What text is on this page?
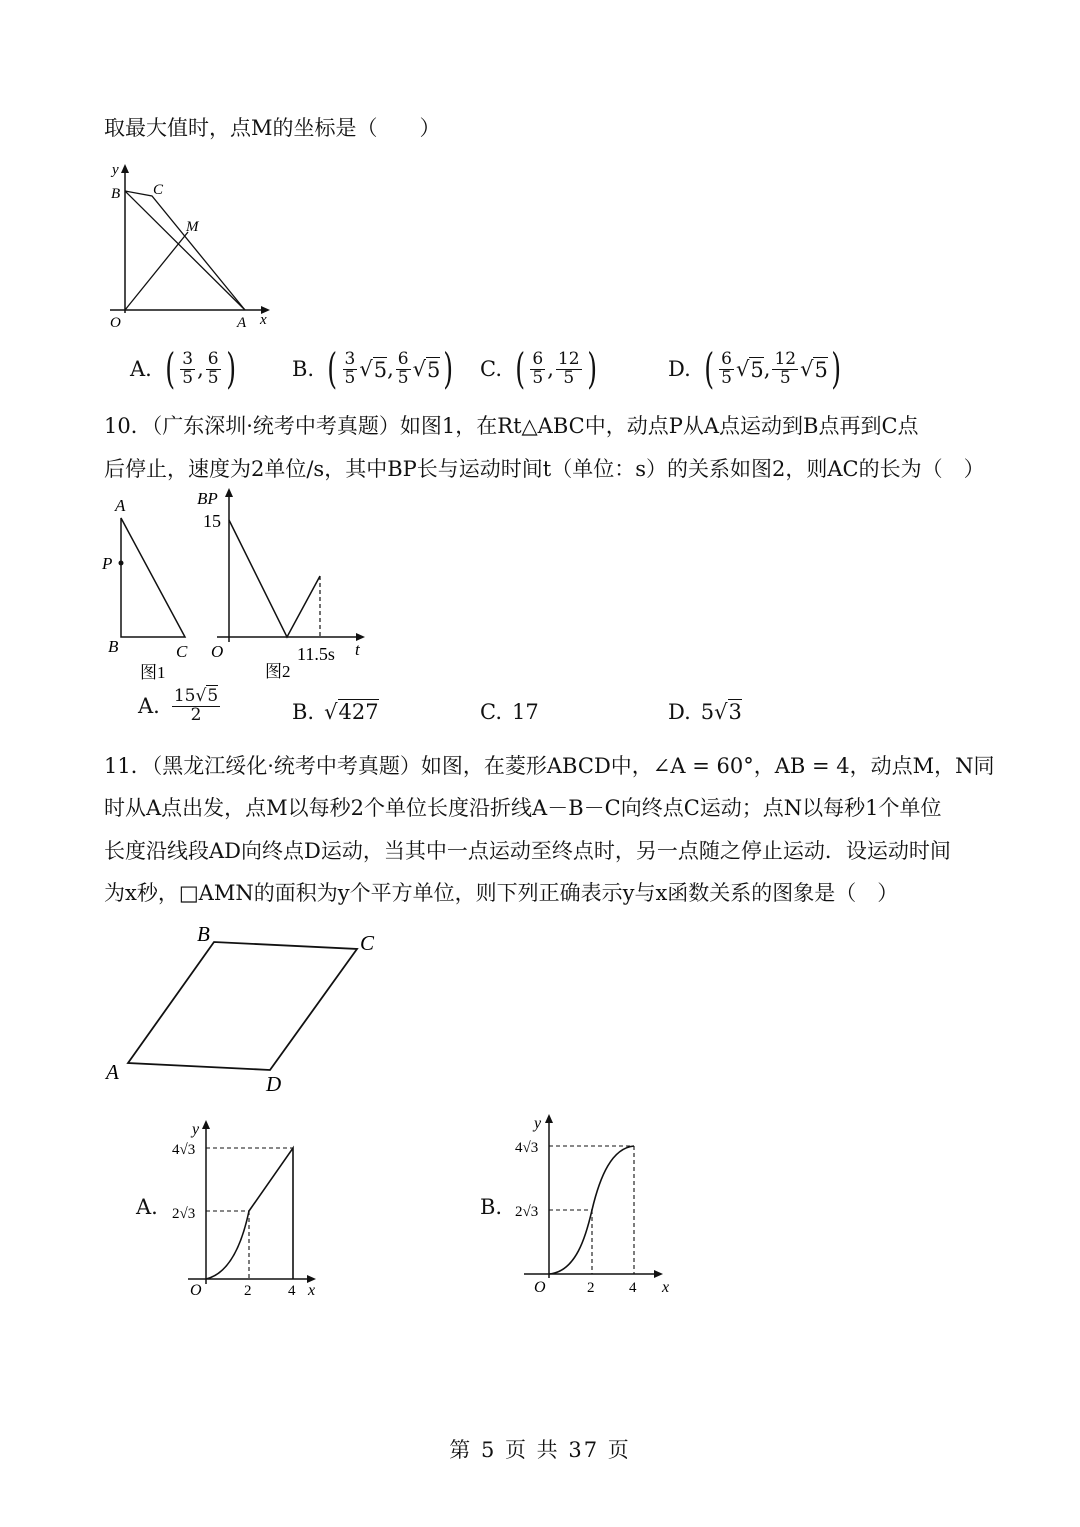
取最大值时，点M的坐标是（　　）
y
B C
M
O	A x
A. ( $\frac{3}{5}$ , $\frac{6}{5}$ )	B. ( $\frac{3}{5}$ √ 5 , $\frac{6}{5}$ √ 5 ) C. ( $\frac{6}{5}$ , $\frac{12}{5}$ )	D. ( $\frac{6}{5}$ √ 5 , $\frac{12}{5}$ √ 5 )
10．（广东深圳·统考中考真题）如图1，在Rt△ABC中，动点P从A点运动到B点再到C点
后停止，速度为2单位/s，其中BP长与运动时间t（单位：s）的关系如图2，则AC的长为（　）
A
P
B	C
图1
BP
15
O	11.5s t
图2
A. $\frac{15√5}{2}$	B. √427	C. 17	D. 5√3
11．（黑龙江绥化·统考中考真题）如图，在菱形ABCD中，∠A = 60°，AB = 4，动点M，N同
时从A点出发，点M以每秒2个单位长度沿折线A－B－C向终点C运动；点N以每秒1个单位
长度沿线段AD向终点D运动，当其中一点运动至终点时，另一点随之停止运动．设运动时间
为x秒，□AMN的面积为y个平方单位，则下列正确表示y与x函数关系的图象是（　）
B	C
A	D
A.
y
4√3
2√3
O	2 4 x
B.
y
4√3
2√3
O	2 4 x
第 5 页 共 37 页
